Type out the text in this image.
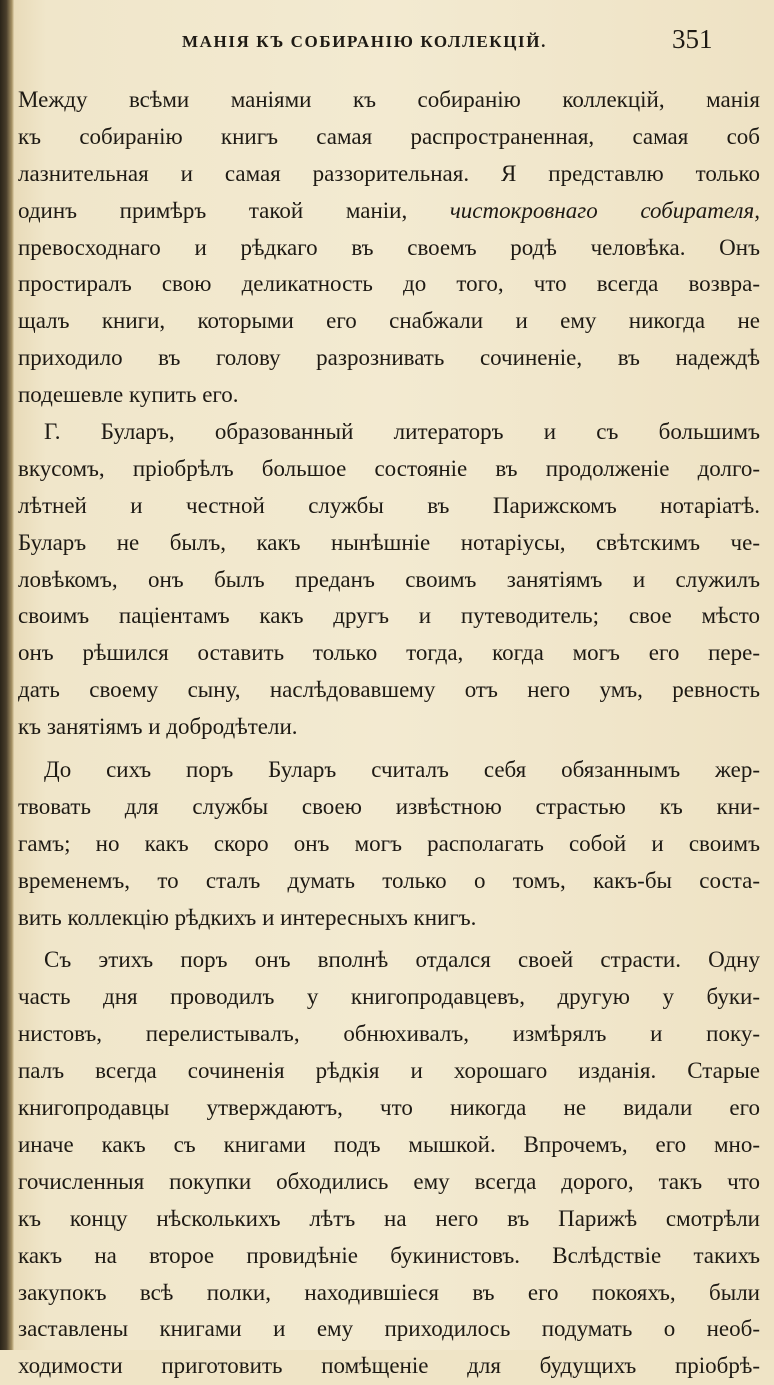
МАНІЯ КЪ СОБИРАНІЮ КОЛЛЕКЦІЙ.	351
Между всѣми маніями къ собиранію коллекцій, манія
къ собиранію книгъ самая распространенная, самая соб
лазнительная и самая раззорительная. Я представлю только
одинъ примѣръ такой маніи, чистокровнаго собирателя,
превосходнаго и рѣдкаго въ своемъ родѣ человѣка. Онъ
простиралъ свою деликатность до того, что всегда возвра-
щалъ книги, которыми его снабжали и ему никогда не
приходило въ голову разрознивать сочиненіе, въ надеждѣ
подешевле купить его.
Г. Буларъ, образованный литераторъ и съ большимъ
вкусомъ, пріобрѣлъ большое состояніе въ продолженіе долго-
лѣтней и честной службы въ Парижскомъ нотаріатѣ.
Буларъ не былъ, какъ нынѣшніе нотаріусы, свѣтскимъ че-
ловѣкомъ, онъ былъ преданъ своимъ занятіямъ и служилъ
своимъ паціентамъ какъ другъ и путеводитель; свое мѣсто
онъ рѣшился оставить только тогда, когда могъ его пере-
дать своему сыну, наслѣдовавшему отъ него умъ, ревность
къ занятіямъ и добродѣтели.
До сихъ поръ Буларъ считалъ себя обязаннымъ жер-
твовать для службы своею извѣстною страстью къ кни-
гамъ; но какъ скоро онъ могъ располагать собой и своимъ
временемъ, то сталъ думать только о томъ, какъ-бы соста-
вить коллекцію рѣдкихъ и интересныхъ книгъ.
Съ этихъ поръ онъ вполнѣ отдался своей страсти. Одну
часть дня проводилъ у книгопродавцевъ, другую у буки-
нистовъ, перелистывалъ, обнюхивалъ, измѣрялъ и поку-
палъ всегда сочиненія рѣдкія и хорошаго изданія. Старые
книгопродавцы утверждаютъ, что никогда не видали его
иначе какъ съ книгами подъ мышкой. Впрочемъ, его мно-
гочисленныя покупки обходились ему всегда дорого, такъ что
къ концу нѣсколькихъ лѣтъ на него въ Парижѣ смотрѣли
какъ на второе провидѣніе букинистовъ. Вслѣдствіе такихъ
закупокъ всѣ полки, находившіеся въ его покояхъ, были
заставлены книгами и ему приходилось подумать о необ-
ходимости приготовить помѣщеніе для будущихъ пріобрѣ-
